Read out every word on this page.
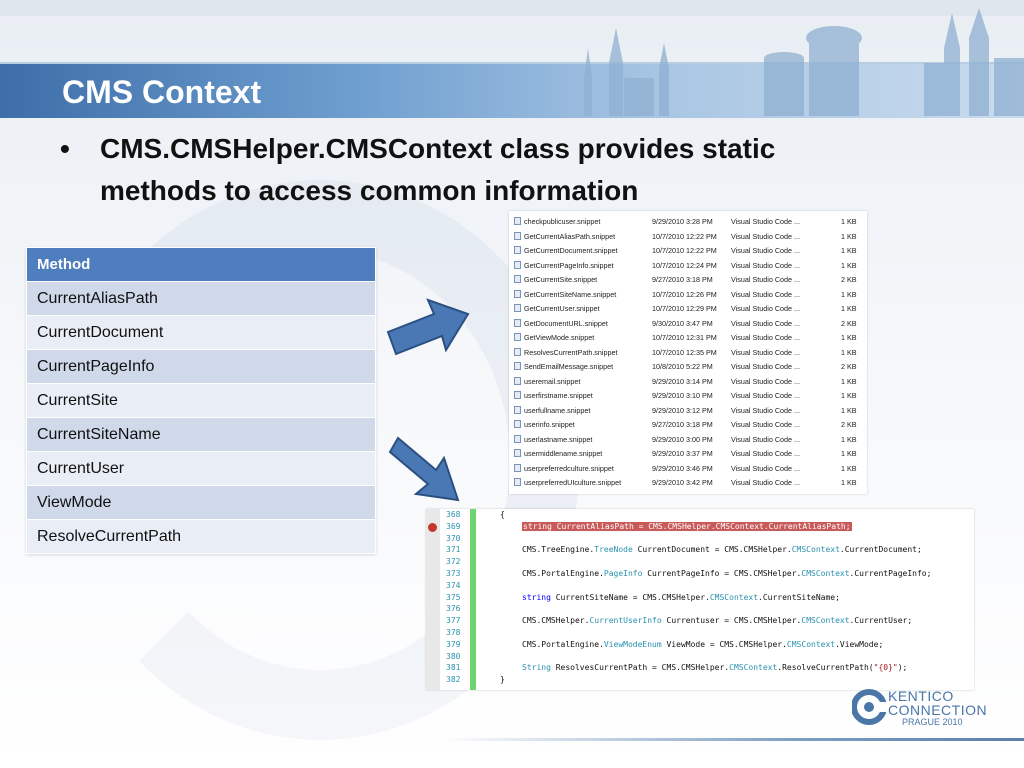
CMS Context
• CMS.CMSHelper.CMSContext class provides static methods to access common information
Method
CurrentAliasPath
CurrentDocument
CurrentPageInfo
CurrentSite
CurrentSiteName
CurrentUser
ViewMode
ResolveCurrentPath
checkpublicuser.snippet	9/29/2010 3:28 PM	Visual Studio Code ...	1 KB
GetCurrentAliasPath.snippet	10/7/2010 12:22 PM Visual Studio Code ...	1 KB
GetCurrentDocument.snippet	10/7/2010 12:22 PM Visual Studio Code ...	1 KB
GetCurrentPageInfo.snippet	10/7/2010 12:24 PM Visual Studio Code ...	1 KB
GetCurrentSite.snippet	9/27/2010 3:18 PM	Visual Studio Code ...	2 KB
GetCurrentSiteName.snippet	10/7/2010 12:26 PM Visual Studio Code ...	1 KB
GetCurrentUser.snippet	10/7/2010 12:29 PM Visual Studio Code ...	1 KB
GetDocumentURL.snippet	9/30/2010 3:47 PM	Visual Studio Code ...	2 KB
GetViewMode.snippet	10/7/2010 12:31 PM Visual Studio Code ...	1 KB
ResolvesCurrentPath.snippet	10/7/2010 12:35 PM Visual Studio Code ...	1 KB
SendEmailMessage.snippet	10/8/2010 5:22 PM	Visual Studio Code ...	2 KB
useremail.snippet	9/29/2010 3:14 PM	Visual Studio Code ...	1 KB
userfirstname.snippet	9/29/2010 3:10 PM	Visual Studio Code ...	1 KB
userfullname.snippet	9/29/2010 3:12 PM	Visual Studio Code ...	1 KB
userinfo.snippet	9/27/2010 3:18 PM	Visual Studio Code ...	2 KB
userlastname.snippet	9/29/2010 3:00 PM	Visual Studio Code ...	1 KB
usermiddlename.snippet	9/29/2010 3:37 PM	Visual Studio Code ...	1 KB
userpreferredculture.snippet	9/29/2010 3:46 PM	Visual Studio Code ...	1 KB
userpreferredUIculture.snippet	9/29/2010 3:42 PM	Visual Studio Code ...	1 KB
368	{
369	string CurrentAliasPath = CMS.CMSHelper.CMSContext.CurrentAliasPath;
370
371	CMS.TreeEngine.TreeNode CurrentDocument = CMS.CMSHelper.CMSContext.CurrentDocument;
372
373	CMS.PortalEngine.PageInfo CurrentPageInfo = CMS.CMSHelper.CMSContext.CurrentPageInfo;
374
375	string CurrentSiteName = CMS.CMSHelper.CMSContext.CurrentSiteName;
376
377	CMS.CMSHelper.CurrentUserInfo Currentuser = CMS.CMSHelper.CMSContext.CurrentUser;
378
379	CMS.PortalEngine.ViewModeEnum ViewMode = CMS.CMSHelper.CMSContext.ViewMode;
380
381	String ResolvesCurrentPath = CMS.CMSHelper.CMSContext.ResolveCurrentPath("{0}");
382	}
KENTICO
CONNECTION
PRAGUE 2010
